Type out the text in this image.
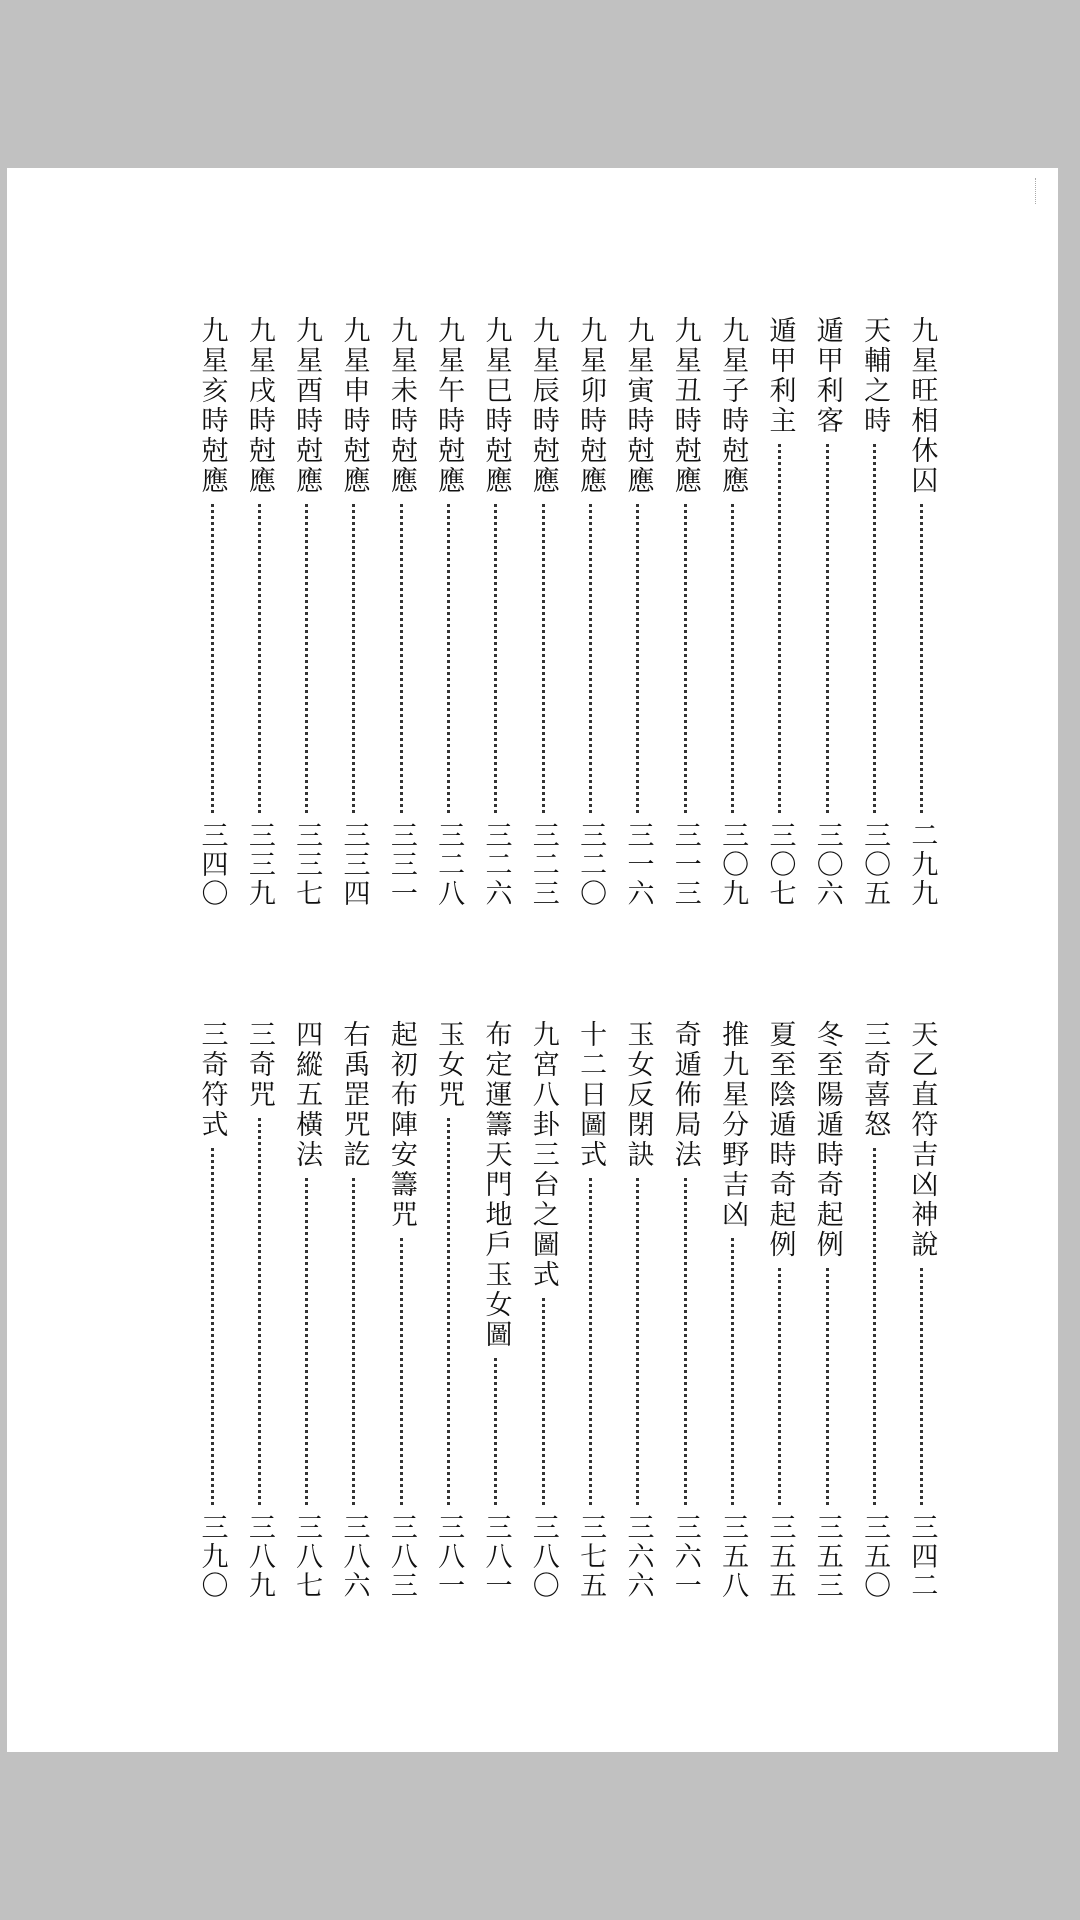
九星旺相休囚
二九九
天輔之時
三〇五
遁甲利客
三〇六
遁甲利主
三〇七
九星子時尅應
三〇九
九星丑時尅應
三一三
九星寅時尅應
三一六
九星卯時尅應
三二〇
九星辰時尅應
三二三
九星巳時尅應
三二六
九星午時尅應
三二八
九星未時尅應
三三一
九星申時尅應
三三四
九星酉時尅應
三三七
九星戌時尅應
三三九
九星亥時尅應
三四〇
天乙直符吉凶神說
三四二
三奇喜怒
三五〇
冬至陽遁時奇起例
三五三
夏至陰遁時奇起例
三五五
推九星分野吉凶
三五八
奇遁佈局法
三六一
玉女反閉訣
三六六
十二日圖式
三七五
九宮八卦三台之圖式
三八〇
布定運籌天門地戶玉女圖
三八一
玉女咒
三八一
起初布陣安籌咒
三八三
右禹罡咒訖
三八六
四縱五橫法
三八七
三奇咒
三八九
三奇符式
三九〇
